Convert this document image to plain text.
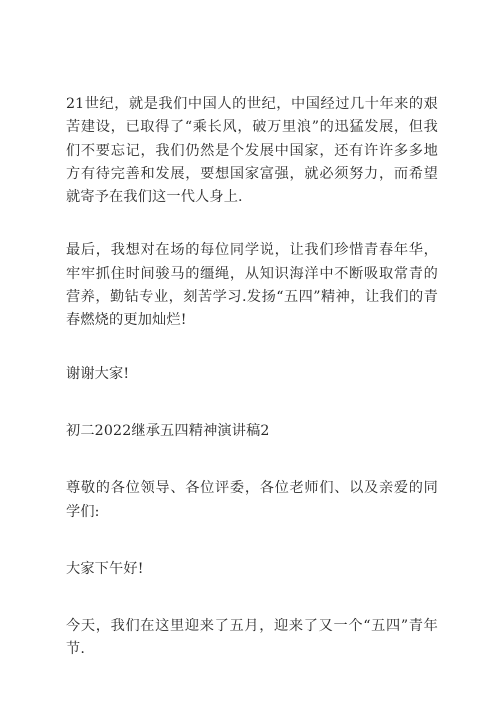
21世纪，就是我们中国人的世纪，中国经过几十年来的艰苦建设，已取得了“乘长风，破万里浪”的迅猛发展，但我们不要忘记，我们仍然是个发展中国家，还有许许多多地方有待完善和发展，要想国家富强，就必须努力，而希望就寄予在我们这一代人身上.

最后，我想对在场的每位同学说，让我们珍惜青春年华，牢牢抓住时间骏马的缰绳，从知识海洋中不断吸取常青的营养，勤钻专业，刻苦学习.发扬“五四”精神，让我们的青春燃烧的更加灿烂!

谢谢大家!

初二2022继承五四精神演讲稿2

尊敬的各位领导、各位评委，各位老师们、以及亲爱的同学们:

大家下午好!

今天，我们在这里迎来了五月，迎来了又一个“五四”青年节.
